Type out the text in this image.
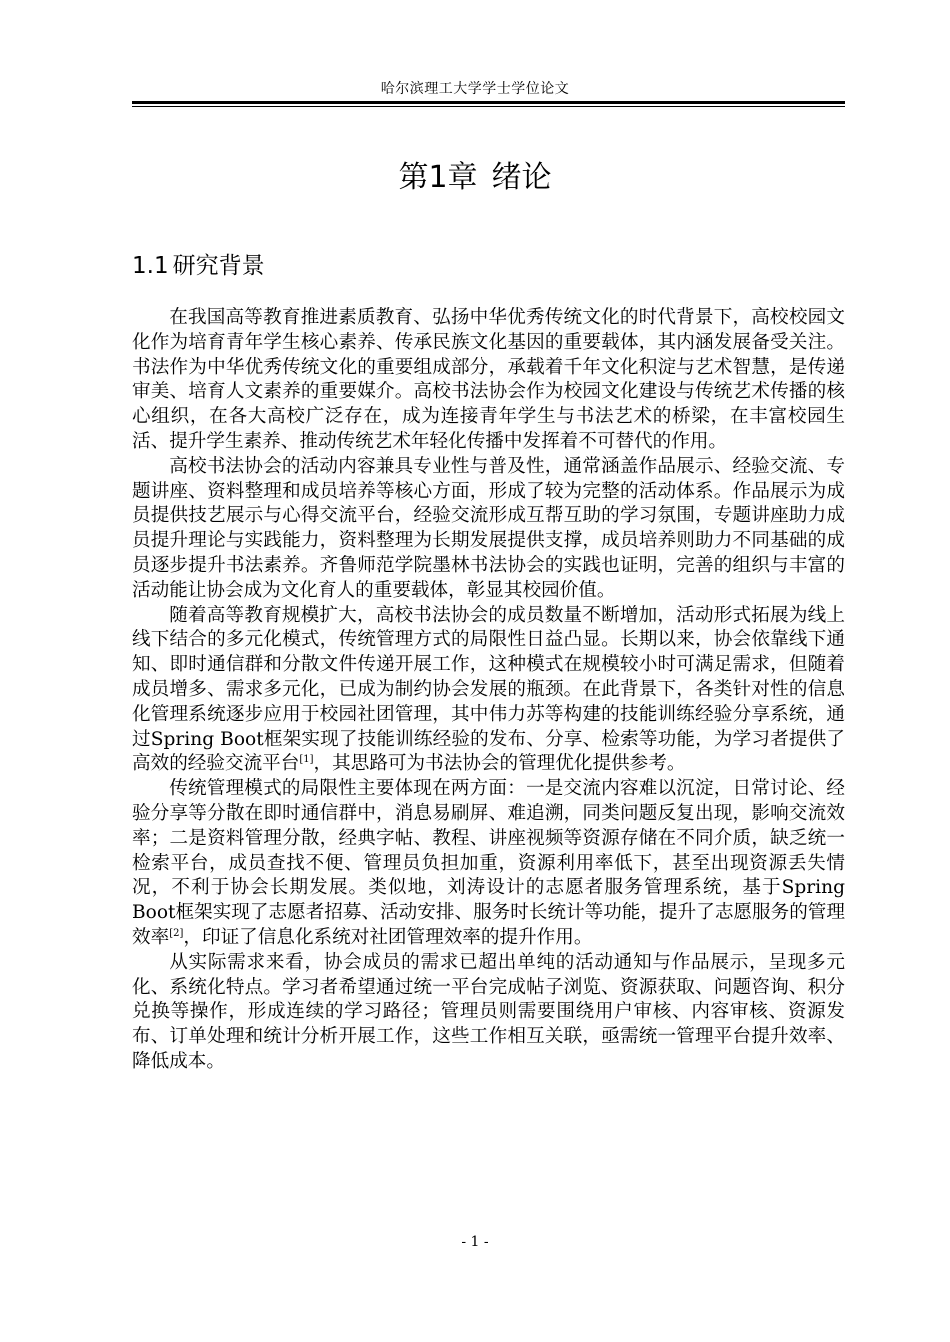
哈尔滨理工大学学士学位论文
第1章 绪论
1.1 研究背景

在我国高等教育推进素质教育、弘扬中华优秀传统文化的时代背景下，高校校园文化作为培育青年学生核心素养、传承民族文化基因的重要载体，其内涵发展备受关注。书法作为中华优秀传统文化的重要组成部分，承载着千年文化积淀与艺术智慧，是传递审美、培育人文素养的重要媒介。高校书法协会作为校园文化建设与传统艺术传播的核心组织，在各大高校广泛存在，成为连接青年学生与书法艺术的桥梁，在丰富校园生活、提升学生素养、推动传统艺术年轻化传播中发挥着不可替代的作用。

高校书法协会的活动内容兼具专业性与普及性，通常涵盖作品展示、经验交流、专题讲座、资料整理和成员培养等核心方面，形成了较为完整的活动体系。作品展示为成员提供技艺展示与心得交流平台，经验交流形成互帮互助的学习氛围，专题讲座助力成员提升理论与实践能力，资料整理为长期发展提供支撑，成员培养则助力不同基础的成员逐步提升书法素养。齐鲁师范学院墨林书法协会的实践也证明，完善的组织与丰富的活动能让协会成为文化育人的重要载体，彰显其校园价值。

随着高等教育规模扩大，高校书法协会的成员数量不断增加，活动形式拓展为线上线下结合的多元化模式，传统管理方式的局限性日益凸显。长期以来，协会依靠线下通知、即时通信群和分散文件传递开展工作，这种模式在规模较小时可满足需求，但随着成员增多、需求多元化，已成为制约协会发展的瓶颈。在此背景下，各类针对性的信息化管理系统逐步应用于校园社团管理，其中伟力苏等构建的技能训练经验分享系统，通过Spring Boot框架实现了技能训练经验的发布、分享、检索等功能，为学习者提供了高效的经验交流平台[1]，其思路可为书法协会的管理优化提供参考。

传统管理模式的局限性主要体现在两方面：一是交流内容难以沉淀，日常讨论、经验分享等分散在即时通信群中，消息易刷屏、难追溯，同类问题反复出现，影响交流效率；二是资料管理分散，经典字帖、教程、讲座视频等资源存储在不同介质，缺乏统一检索平台，成员查找不便、管理员负担加重，资源利用率低下，甚至出现资源丢失情况，不利于协会长期发展。类似地，刘涛设计的志愿者服务管理系统，基于Spring Boot框架实现了志愿者招募、活动安排、服务时长统计等功能，提升了志愿服务的管理效率[2]，印证了信息化系统对社团管理效率的提升作用。

从实际需求来看，协会成员的需求已超出单纯的活动通知与作品展示，呈现多元化、系统化特点。学习者希望通过统一平台完成帖子浏览、资源获取、问题咨询、积分兑换等操作，形成连续的学习路径；管理员则需要围绕用户审核、内容审核、资源发布、订单处理和统计分析开展工作，这些工作相互关联，亟需统一管理平台提升效率、降低成本。

- 1 -
